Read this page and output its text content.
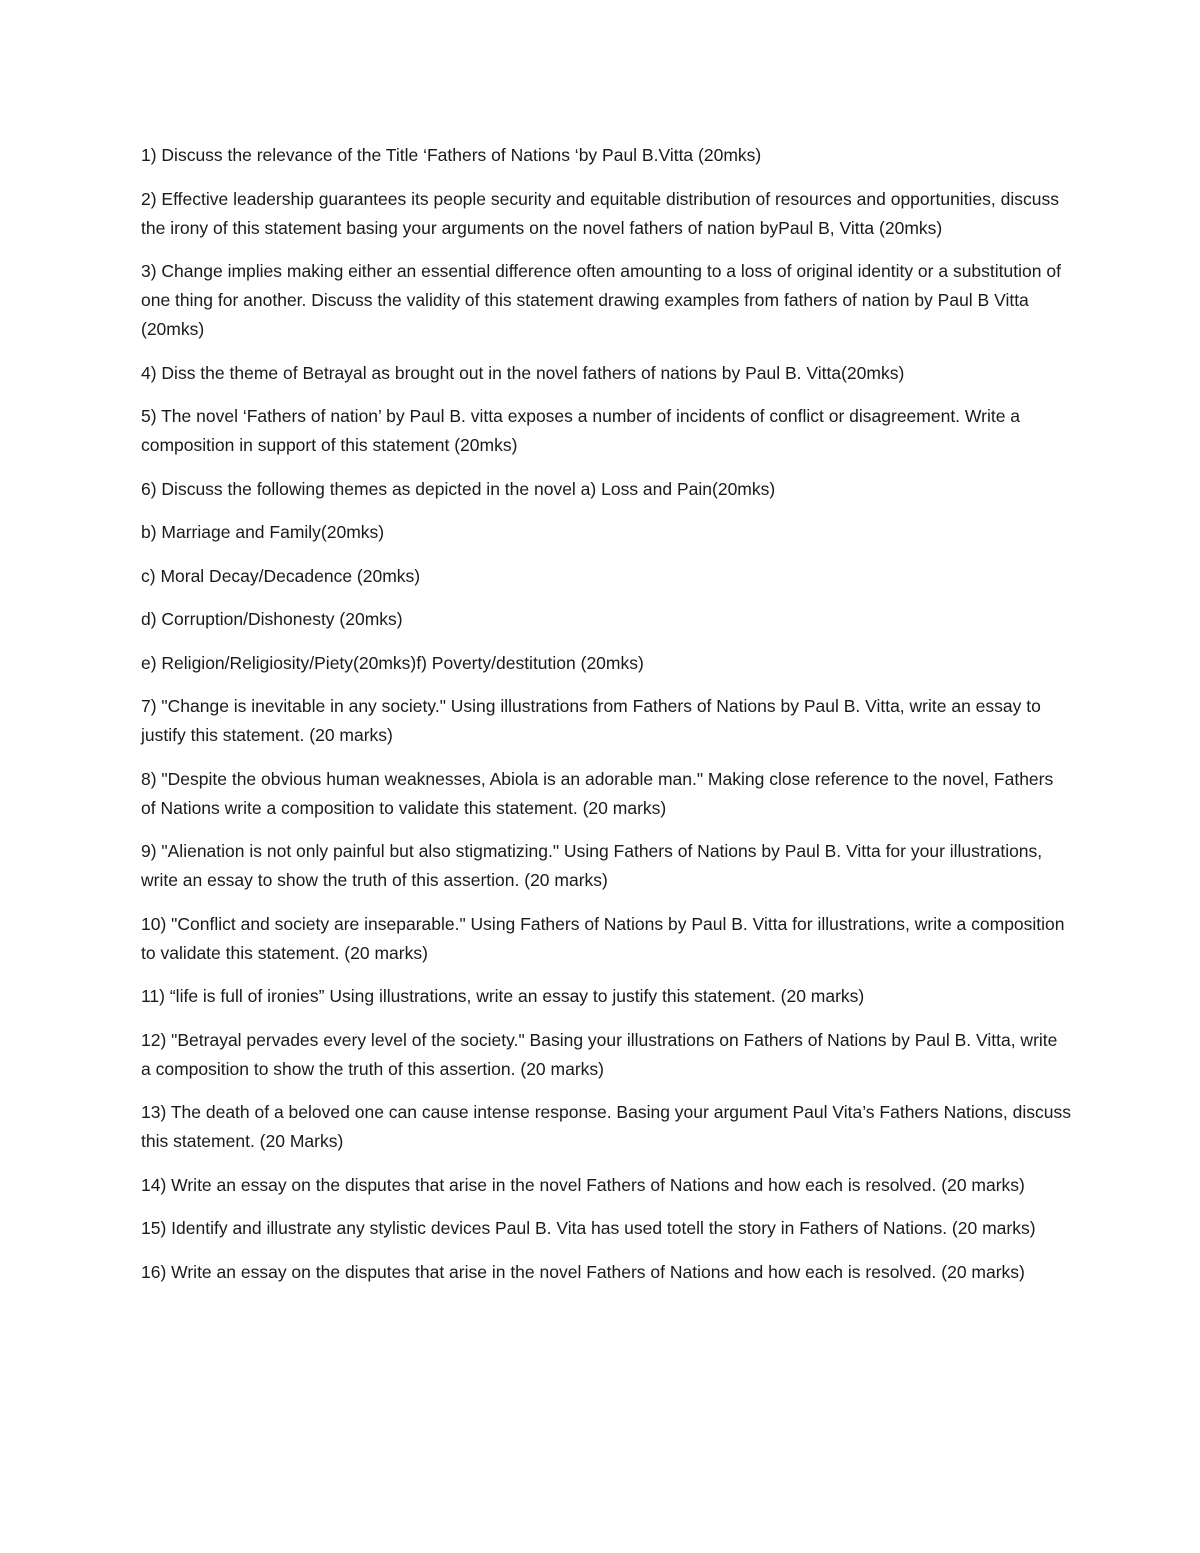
1) Discuss the relevance of the Title ‘Fathers of Nations ‘by Paul B.Vitta (20mks)

2) Effective leadership guarantees its people security and equitable distribution of resources and opportunities, discuss the irony of this statement basing your arguments on the novel fathers of nation byPaul B, Vitta (20mks)

3) Change implies making either an essential difference often amounting to a loss of original identity or a substitution of one thing for another. Discuss the validity of this statement drawing examples from fathers of nation by Paul B Vitta (20mks)

4) Diss the theme of Betrayal as brought out in the novel fathers of nations by Paul B. Vitta(20mks)

5) The novel ‘Fathers of nation’ by Paul B. vitta exposes a number of incidents of conflict or disagreement. Write a composition in support of this statement (20mks)

6) Discuss the following themes as depicted in the novel a) Loss and Pain(20mks)

b) Marriage and Family(20mks)

c) Moral Decay/Decadence (20mks)

d) Corruption/Dishonesty (20mks)

e) Religion/Religiosity/Piety(20mks)f) Poverty/destitution (20mks)

7) "Change is inevitable in any society." Using illustrations from Fathers of Nations by Paul B. Vitta, write an essay to justify this statement. (20 marks)

8) "Despite the obvious human weaknesses, Abiola is an adorable man." Making close reference to the novel, Fathers of Nations write a composition to validate this statement. (20 marks)

9) "Alienation is not only painful but also stigmatizing." Using Fathers of Nations by Paul B. Vitta for your illustrations, write an essay to show the truth of this assertion. (20 marks)

10) "Conflict and society are inseparable." Using Fathers of Nations by Paul B. Vitta for illustrations, write a composition to validate this statement. (20 marks)

11) “life is full of ironies” Using illustrations, write an essay to justify this statement. (20 marks)

12) "Betrayal pervades every level of the society." Basing your illustrations on Fathers of Nations by Paul B. Vitta, write a composition to show the truth of this assertion. (20 marks)

13) The death of a beloved one can cause intense response. Basing your argument Paul Vita’s Fathers Nations, discuss this statement. (20 Marks)

14) Write an essay on the disputes that arise in the novel Fathers of Nations and how each is resolved. (20 marks)

15) Identify and illustrate any stylistic devices Paul B. Vita has used totell the story in Fathers of Nations. (20 marks)

16) Write an essay on the disputes that arise in the novel Fathers of Nations and how each is resolved. (20 marks)
